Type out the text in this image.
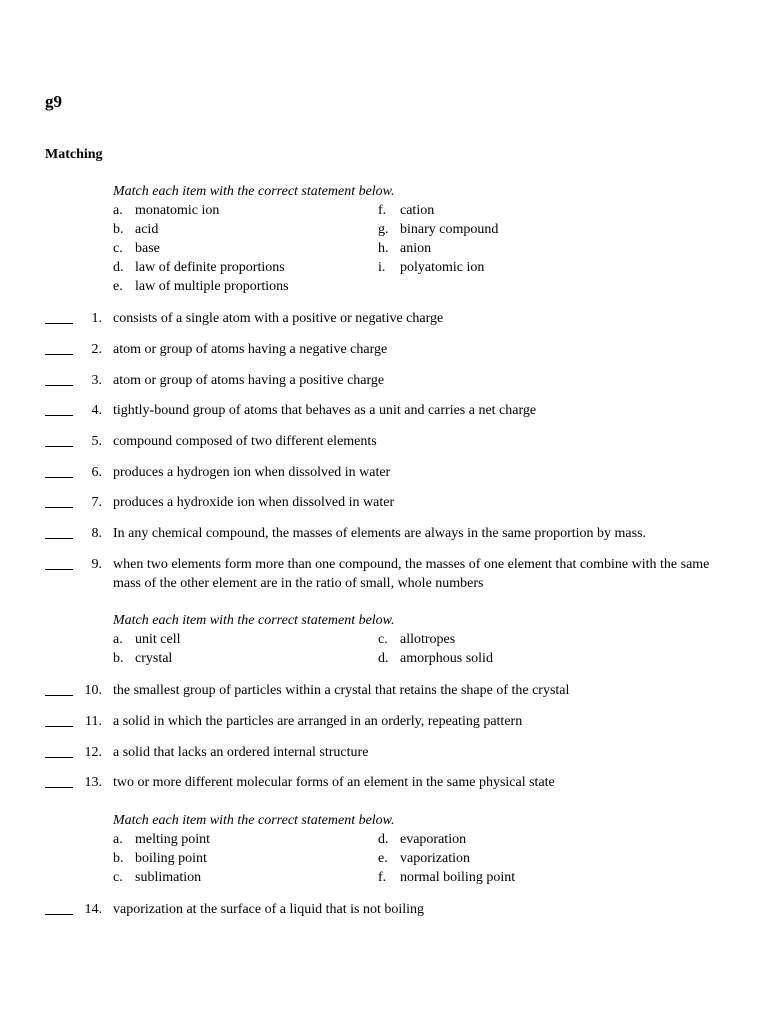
g9
Matching
Match each item with the correct statement below.
a. monatomic ion
b. acid
c. base
d. law of definite proportions
e. law of multiple proportions
f. cation
g. binary compound
h. anion
i. polyatomic ion
1. consists of a single atom with a positive or negative charge
2. atom or group of atoms having a negative charge
3. atom or group of atoms having a positive charge
4. tightly-bound group of atoms that behaves as a unit and carries a net charge
5. compound composed of two different elements
6. produces a hydrogen ion when dissolved in water
7. produces a hydroxide ion when dissolved in water
8. In any chemical compound, the masses of elements are always in the same proportion by mass.
9. when two elements form more than one compound, the masses of one element that combine with the same mass of the other element are in the ratio of small, whole numbers
Match each item with the correct statement below.
a. unit cell
b. crystal
c. allotropes
d. amorphous solid
10. the smallest group of particles within a crystal that retains the shape of the crystal
11. a solid in which the particles are arranged in an orderly, repeating pattern
12. a solid that lacks an ordered internal structure
13. two or more different molecular forms of an element in the same physical state
Match each item with the correct statement below.
a. melting point
b. boiling point
c. sublimation
d. evaporation
e. vaporization
f. normal boiling point
14. vaporization at the surface of a liquid that is not boiling
